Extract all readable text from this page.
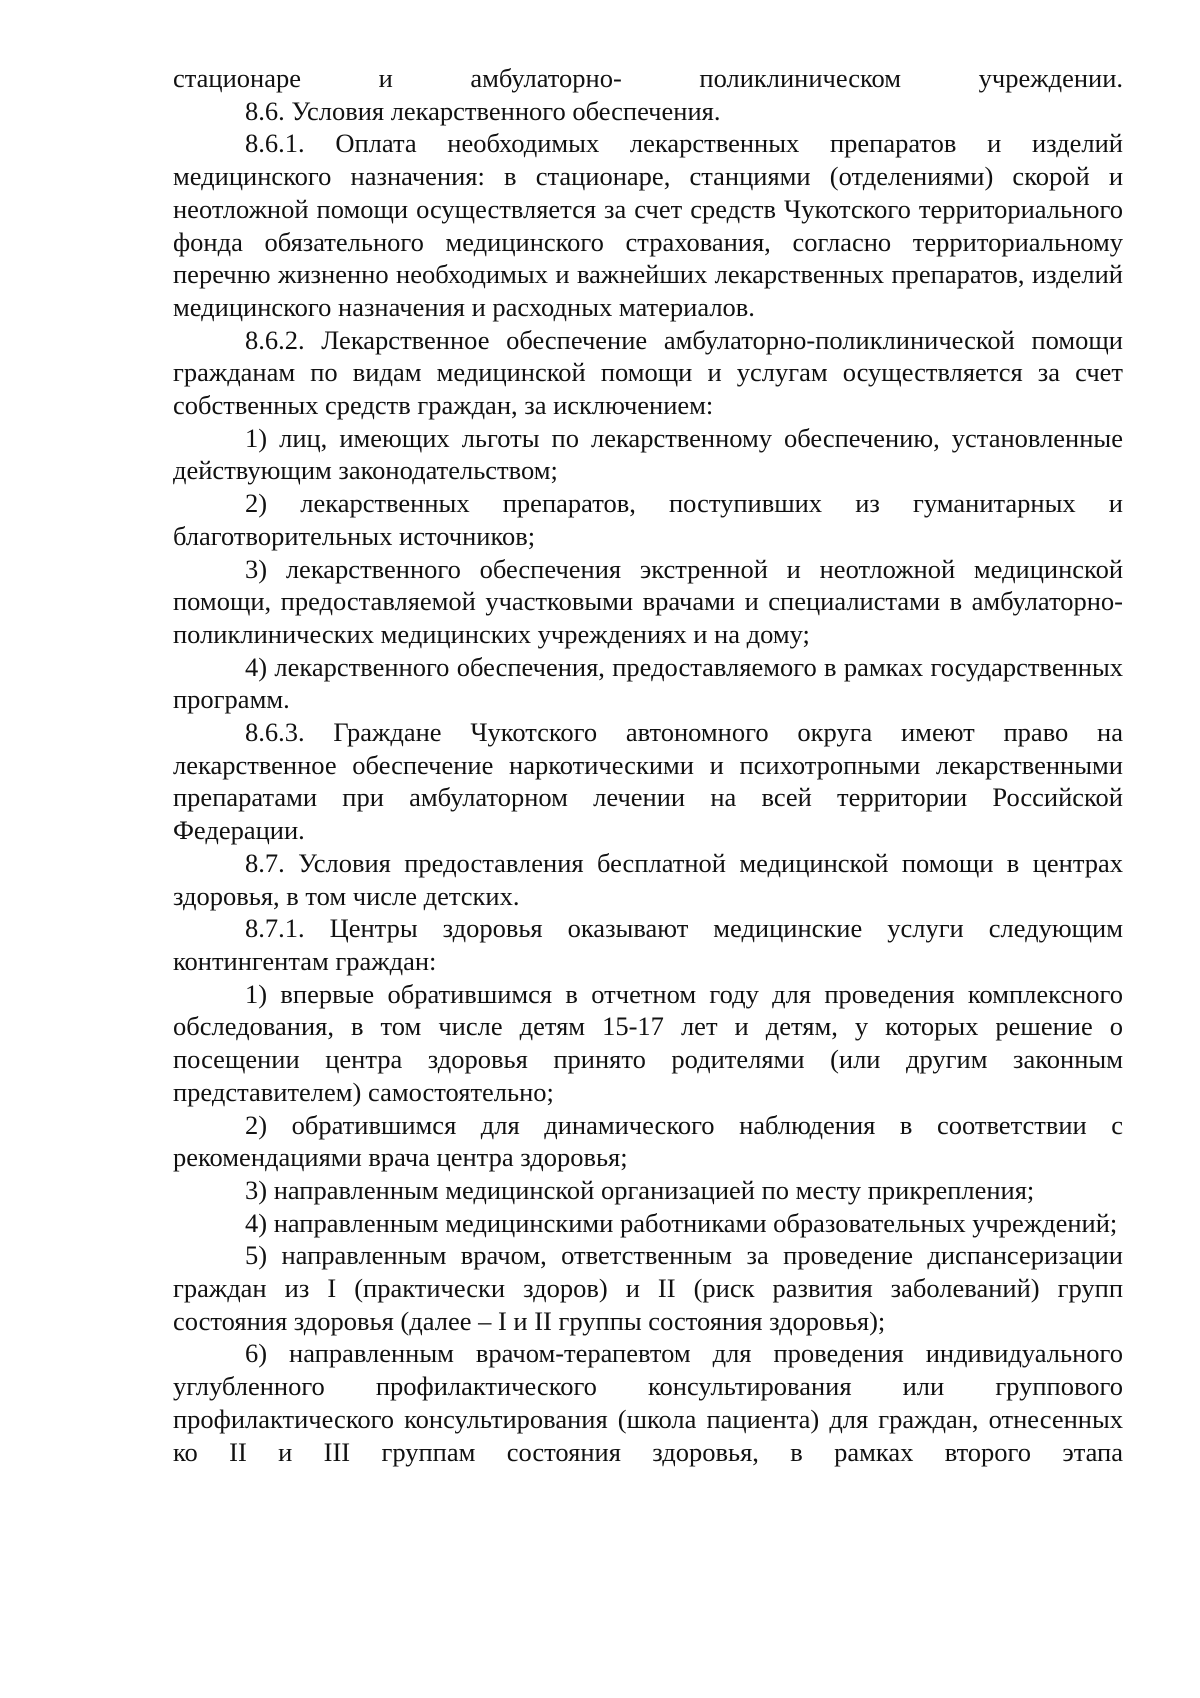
стационаре и амбулаторно- поликлиническом учреждении.

8.6. Условия лекарственного обеспечения.

8.6.1. Оплата необходимых лекарственных препаратов и изделий медицинского назначения: в стационаре, станциями (отделениями) скорой и неотложной помощи осуществляется за счет средств Чукотского территориального фонда обязательного медицинского страхования, согласно территориальному перечню жизненно необходимых и важнейших лекарственных препаратов, изделий медицинского назначения и расходных материалов.

8.6.2. Лекарственное обеспечение амбулаторно-поликлинической помощи гражданам по видам медицинской помощи и услугам осуществляется за счет собственных средств граждан, за исключением:

1) лиц, имеющих льготы по лекарственному обеспечению, установленные действующим законодательством;

2) лекарственных препаратов, поступивших из гуманитарных и благотворительных источников;

3) лекарственного обеспечения экстренной и неотложной медицинской помощи, предоставляемой участковыми врачами и специалистами в амбулаторно-поликлинических медицинских учреждениях и на дому;

4) лекарственного обеспечения, предоставляемого в рамках государственных программ.

8.6.3. Граждане Чукотского автономного округа имеют право на лекарственное обеспечение наркотическими и психотропными лекарственными препаратами при амбулаторном лечении на всей территории Российской Федерации.

8.7. Условия предоставления бесплатной медицинской помощи в центрах здоровья, в том числе детских.

8.7.1. Центры здоровья оказывают медицинские услуги следующим контингентам граждан:

1) впервые обратившимся в отчетном году для проведения комплексного обследования, в том числе детям 15-17 лет и детям, у которых решение о посещении центра здоровья принято родителями (или другим законным представителем) самостоятельно;

2) обратившимся для динамического наблюдения в соответствии с рекомендациями врача центра здоровья;

3) направленным медицинской организацией по месту прикрепления;

4) направленным медицинскими работниками образовательных учреждений;

5) направленным врачом, ответственным за проведение диспансеризации граждан из I (практически здоров) и II (риск развития заболеваний) групп состояния здоровья (далее – I и II группы состояния здоровья);

6) направленным врачом-терапевтом для проведения индивидуального углубленного профилактического консультирования или группового профилактического консультирования (школа пациента) для граждан, отнесенных ко II и III группам состояния здоровья, в рамках второго этапа
